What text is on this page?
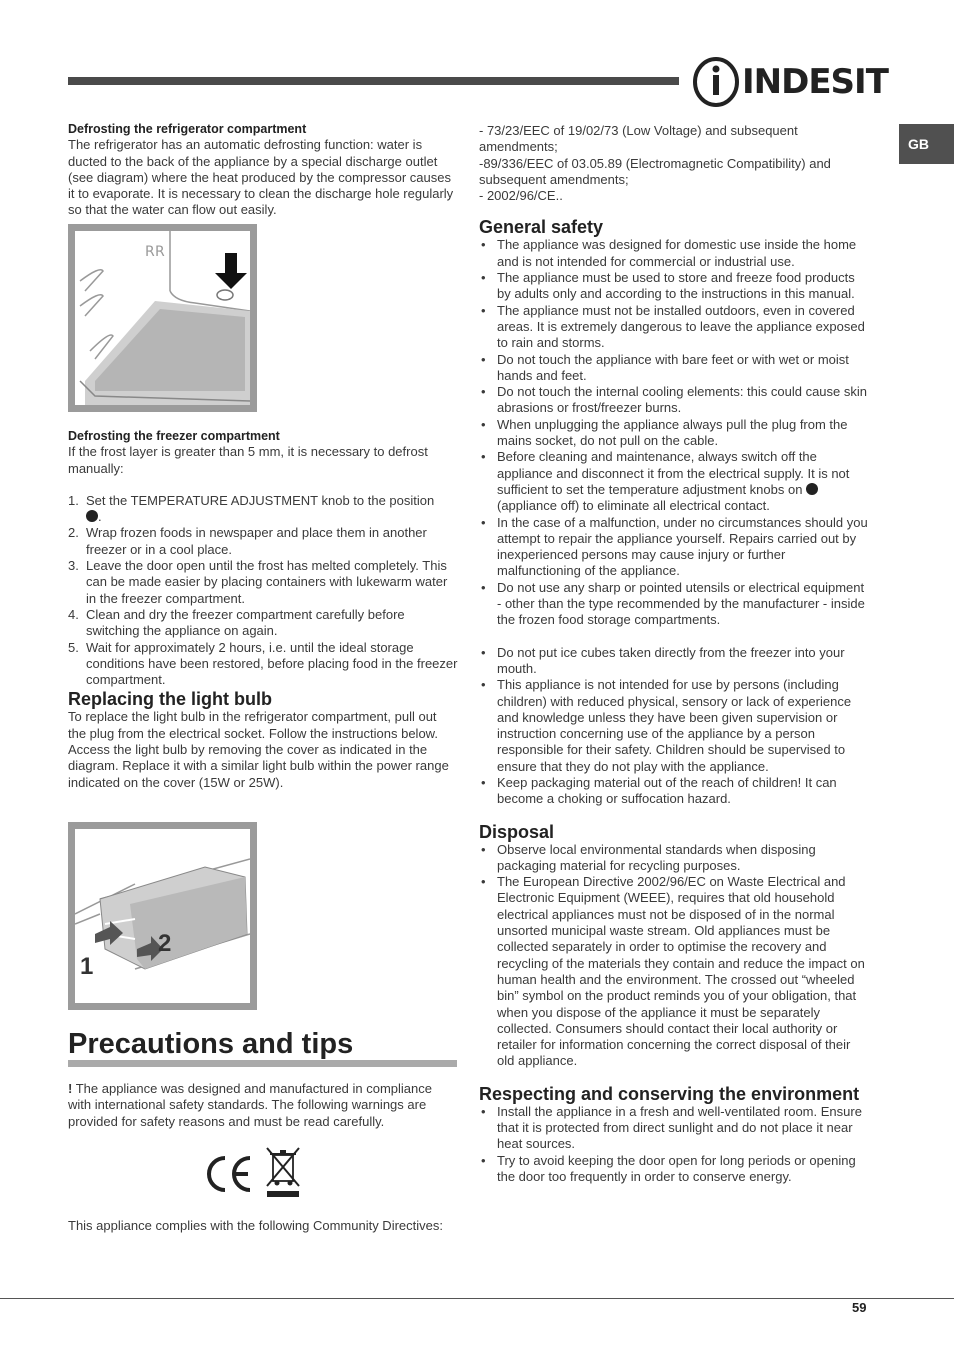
INDESIT
GB

Defrosting the refrigerator compartment

The refrigerator has an automatic defrosting function: water is ducted to the back of the appliance by a special discharge outlet (see diagram) where the heat produced by the compressor causes it to evaporate. It is necessary to clean the discharge hole regularly so that the water can flow out easily.

R R

Defrosting the freezer compartment

If the frost layer is greater than 5 mm, it is necessary to defrost manually:

1. Set the TEMPERATURE ADJUSTMENT knob to the position
.
2. Wrap frozen foods in newspaper and place them in another freezer or in a cool place.
3. Leave the door open until the frost has melted completely. This can be made easier by placing containers with lukewarm water in the freezer compartment.
4. Clean and dry the freezer compartment carefully before switching the appliance on again.
5. Wait for approximately 2 hours, i.e. until the ideal storage conditions have been restored, before placing food in the freezer compartment.
Replacing the light bulb

To replace the light bulb in the refrigerator compartment, pull out the plug from the electrical socket. Follow the instructions below.

Access the light bulb by removing the cover as indicated in the diagram. Replace it with a similar light bulb within the power range indicated on the cover (15W or 25W).

1
2
Precautions and tips

! The appliance was designed and manufactured in compliance with international safety standards. The following warnings are provided for safety reasons and must be read carefully.

This appliance complies with the following Community Directives:

- 73/23/EEC of 19/02/73 (Low Voltage) and subsequent amendments;

-89/336/EEC of 03.05.89 (Electromagnetic Compatibility) and subsequent amendments;

- 2002/96/CE..

General safety
• The appliance was designed for domestic use inside the home and is not intended for commercial or industrial use.
• The appliance must be used to store and freeze food products by adults only and according to the instructions in this manual.
• The appliance must not be installed outdoors, even in covered areas. It is extremely dangerous to leave the appliance exposed to rain and storms.
• Do not touch the appliance with bare feet or with wet or moist hands and feet.
• Do not touch the internal cooling elements: this could cause skin abrasions or frost/freezer burns.
• When unplugging the appliance always pull the plug from the mains socket, do not pull on the cable.
• Before cleaning and maintenance, always switch off the appliance and disconnect it from the electrical supply. It is not sufficient to set the temperature adjustment knobs on  (appliance off) to eliminate all electrical contact.
• In the case of a malfunction, under no circumstances should you attempt to repair the appliance yourself. Repairs carried out by inexperienced persons may cause injury or further malfunctioning of the appliance.
• Do not use any sharp or pointed utensils or electrical equipment - other than the type recommended by the manufacturer - inside the frozen food storage compartments.
• Do not put ice cubes taken directly from the freezer into your mouth.
• This appliance is not intended for use by persons (including children) with reduced physical, sensory or lack of experience and knowledge unless they have been given supervision or instruction concerning use of the appliance by a person responsible for their safety. Children should be supervised to ensure that they do not play with the appliance.
• Keep packaging material out of the reach of children! It can become a choking or suffocation hazard.
Disposal
• Observe local environmental standards when disposing packaging material for recycling purposes.
• The European Directive 2002/96/EC on Waste Electrical and Electronic Equipment (WEEE), requires that old household electrical appliances must not be disposed of in the normal unsorted municipal waste stream. Old appliances must be collected separately in order to optimise the recovery and recycling of the materials they contain and reduce the impact on human health and the environment. The crossed out “wheeled bin” symbol on the product reminds you of your obligation, that when you dispose of the appliance it must be separately collected. Consumers should contact their local authority or retailer for information concerning the correct disposal of their old appliance.
Respecting and conserving the environment
• Install the appliance in a fresh and well-ventilated room. Ensure that it is protected from direct sunlight and do not place it near heat sources.
• Try to avoid keeping the door open for long periods or opening the door too frequently in order to conserve energy.
59
